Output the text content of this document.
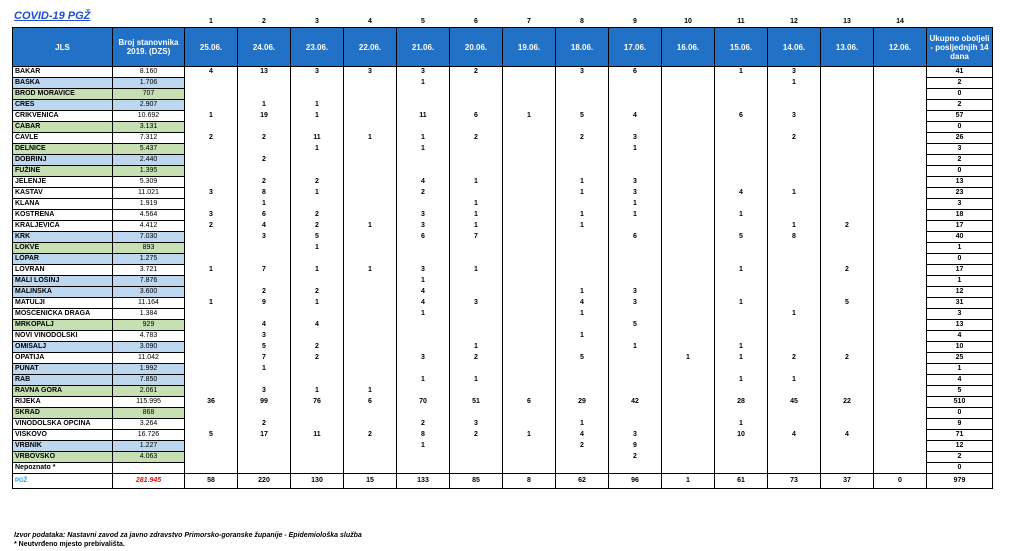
COVID-19 PGŽ
			1	2	3	4	5	6	7	8	9	10	11	12	13	14	
JLS	Broj stanovnika 2019. (DZS)	25.06.	24.06.	23.06.	22.06.	21.06.	20.06.	19.06.	18.06.	17.06.	16.06.	15.06.	14.06.	13.06.	12.06.	Ukupno oboljeli - posljednjih 14 dana
BAKAR	8.160	4	13	3	3	3	2		3	6		1	3			41
BAŠKA	1.706					1							1			2
BROD MORAVICE	707															0
CRES	2.907		1	1												2
CRIKVENICA	10.692	1	19	1		11	6	1	5	4		6	3			57
ČABAR	3.131															0
ČAVLE	7.312	2	2	11	1	1	2		2	3			2			26
DELNICE	5.437			1		1				1						3
DOBRINJ	2.440		2													2
FUŽINE	1.395															0
JELENJE	5.309		2	2		4	1		1	3						13
KASTAV	11.021	3	8	1		2			1	3		4	1			23
KLANA	1.919		1				1			1						3
KOSTRENA	4.564	3	6	2		3	1		1	1		1				18
KRALJEVICA	4.412	2	4	2	1	3	1		1				1	2		17
KRK	7.030		3	5		6	7			6		5	8			40
LOKVE	893			1												1
LOPAR	1.275															0
LOVRAN	3.721	1	7	1	1	3	1					1		2		17
MALI LOŠINJ	7.876					1										1
MALINSKA	3.600		2	2		4			1	3						12
MATULJI	11.164	1	9	1		4	3		4	3		1		5		31
MOŠĆENIČKA DRAGA	1.384					1			1				1			3
MRKOPALJ	929		4	4						5						13
NOVI VINODOLSKI	4.783		3						1							4
OMIŠALJ	3.090		5	2			1			1		1				10
OPATIJA	11.042		7	2		3	2		5		1	1	2	2		25
PUNAT	1.992		1													1
RAB	7.850					1	1					1	1			4
RAVNA GORA	2.061		3	1	1											5
RIJEKA	115.995	36	99	76	6	70	51	6	29	42		28	45	22		510
SKRAD	868															0
VINODOLSKA OPĆINA	3.264		2			2	3		1			1				9
VIŠKOVO	16.726	5	17	11	2	8	2	1	4	3		10	4	4		71
VRBNIK	1.227					1			2	9						12
VRBOVSKO	4.063									2						2
Nepoznato *																0
PGŽ	281.945	58	220	130	15	133	85	8	62	96	1	61	73	37	0	979
Izvor podataka: Nastavni zavod za javno zdravstvo Primorsko-goranske županije - Epidemiološka služba
* Neutvrđeno mjesto prebivališta.
